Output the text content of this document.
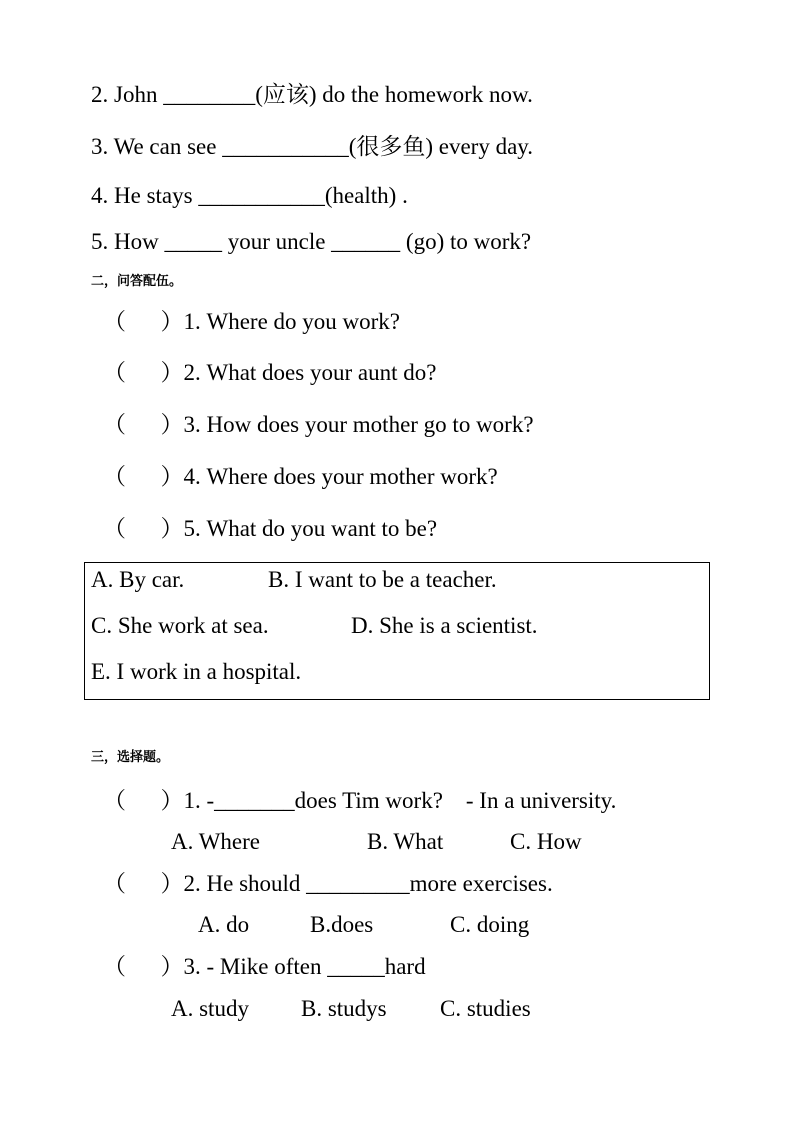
2. John ________(应该) do the homework now.
3. We can see ___________(很多鱼) every day.
4. He stays ___________(health) .
5. How _____ your uncle ______ (go) to work?
二，问答配伍。
（      ）1. Where do you work?
（      ）2. What does your aunt do?
（      ）3. How does your mother go to work?
（      ）4. Where does your mother work?
（      ）5. What do you want to be?
A. By car.	B. I want to be a teacher.
C. She work at sea.	D. She is a scientist.
E. I work in a hospital.
三，选择题。
（      ）1. -_______does Tim work?    - In a university.
A. Where	B. What	C. How
（      ）2. He should _________more exercises.
A. do	B.does	C. doing
（      ）3. - Mike often _____hard
A. study B. studys C. studies
